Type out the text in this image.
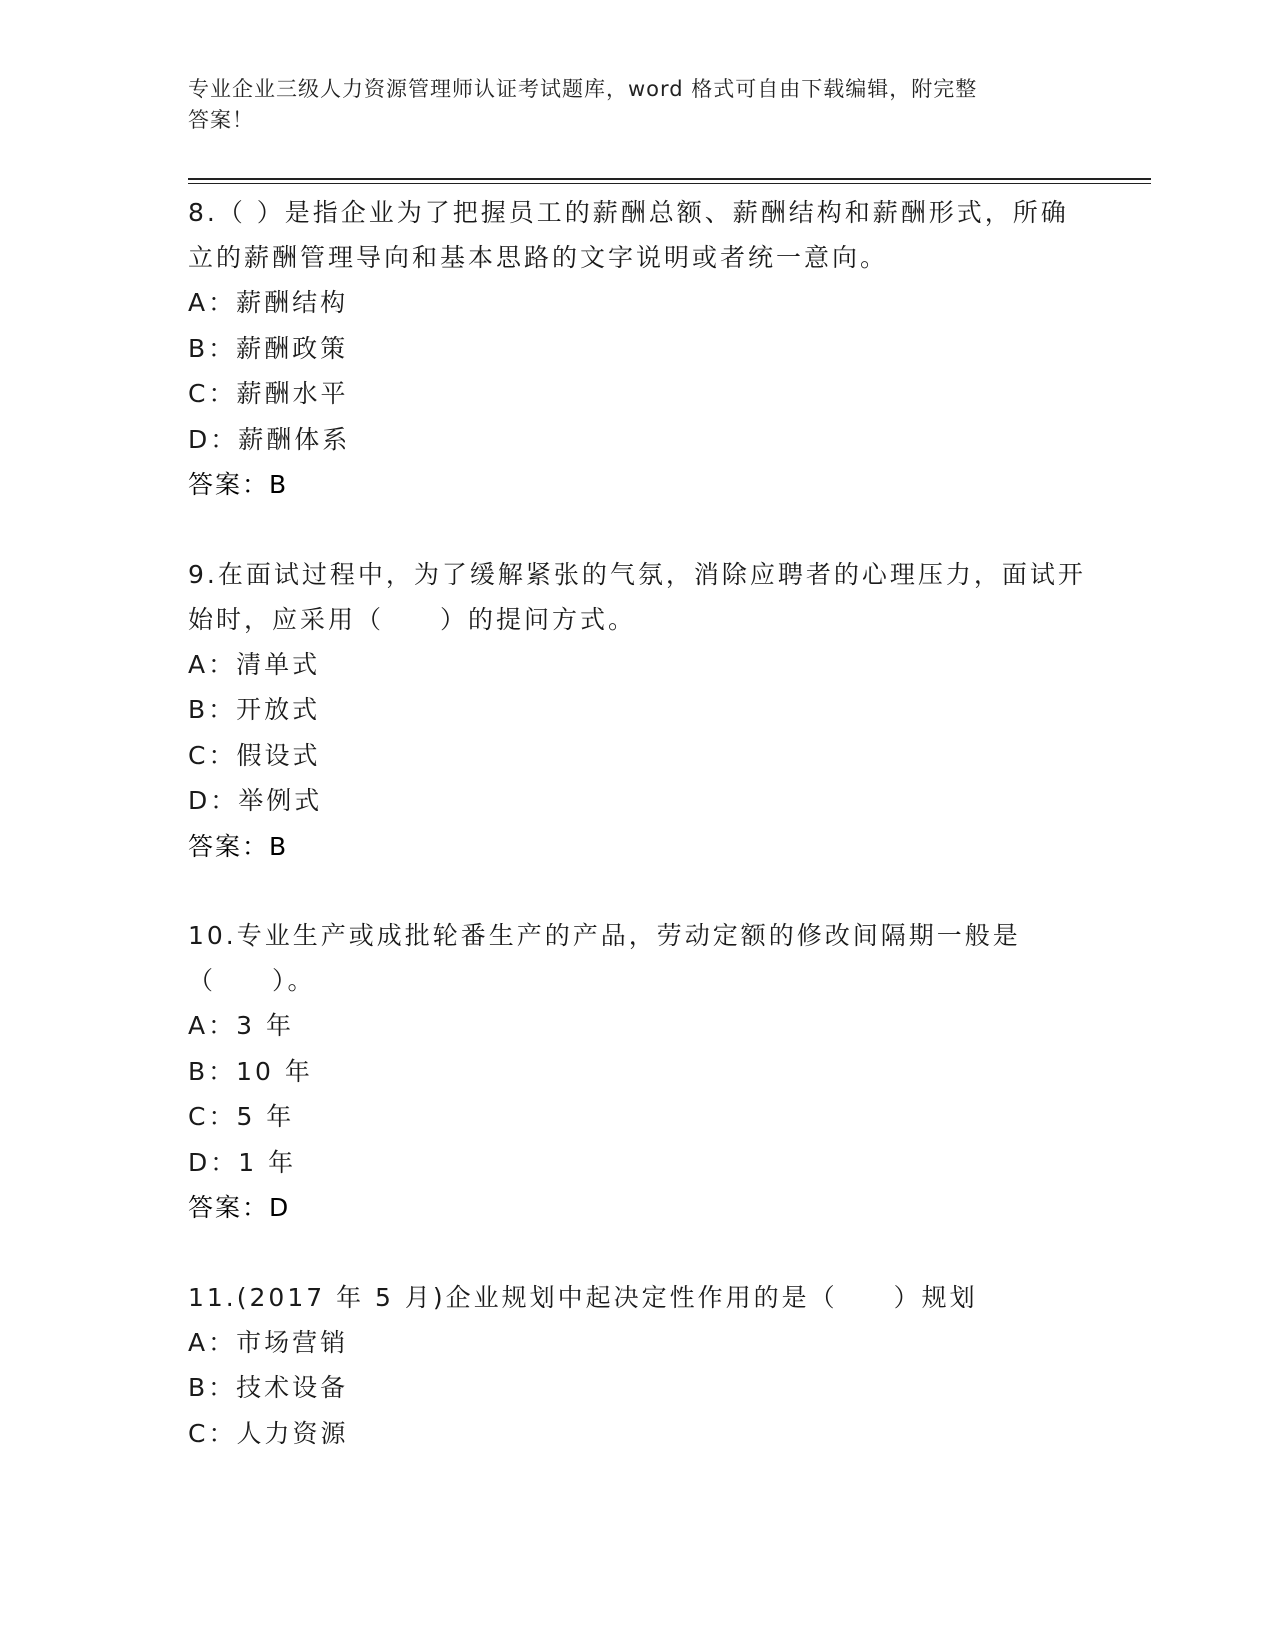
专业企业三级人力资源管理师认证考试题库，word 格式可自由下载编辑，附完整
答案！
8.（ ）是指企业为了把握员工的薪酬总额、薪酬结构和薪酬形式，所确立的薪酬管理导向和基本思路的文字说明或者统一意向。
A：薪酬结构
B：薪酬政策
C：薪酬水平
D：薪酬体系
答案：B
9.在面试过程中，为了缓解紧张的气氛，消除应聘者的心理压力，面试开始时，应采用（　　）的提问方式。
A：清单式
B：开放式
C：假设式
D：举例式
答案：B
10.专业生产或成批轮番生产的产品，劳动定额的修改间隔期一般是（　　）。
A：3 年
B：10 年
C：5 年
D：1 年
答案：D
11.(2017 年 5 月)企业规划中起决定性作用的是（　　）规划
A：市场营销
B：技术设备
C：人力资源
